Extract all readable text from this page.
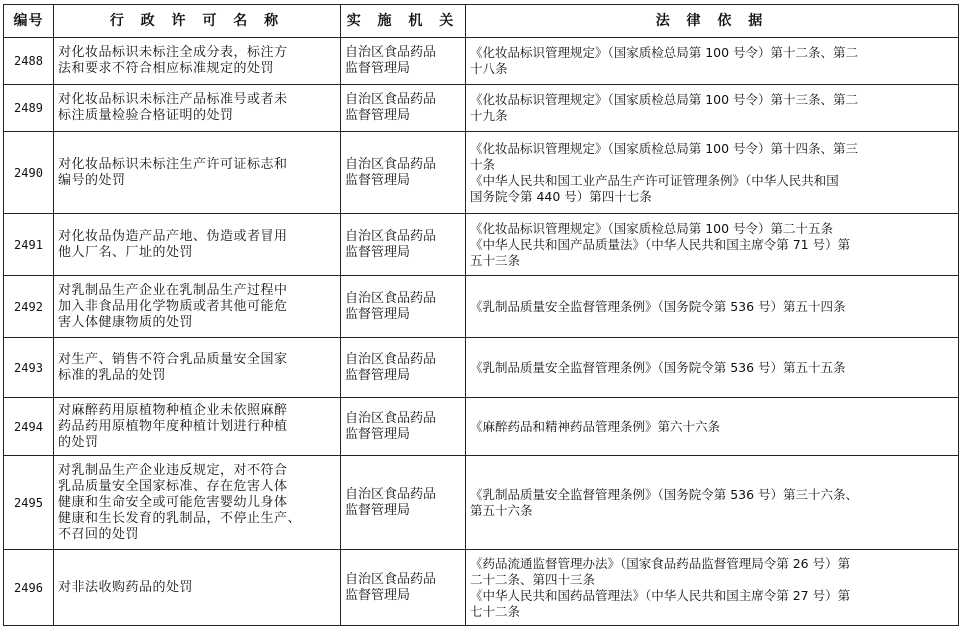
编号	行 政 许 可 名 称	实 施 机 关	法 律 依 据
2488	对化妆品标识未标注全成分表，标注方
法和要求不符合相应标准规定的处罚	自治区食品药品
监督管理局	《化妆品标识管理规定》（国家质检总局第 100 号令）第十二条、第二
十八条

2489	对化妆品标识未标注产品标准号或者未
标注质量检验合格证明的处罚	自治区食品药品
监督管理局	《化妆品标识管理规定》（国家质检总局第 100 号令）第十三条、第二
十九条

2490	对化妆品标识未标注生产许可证标志和
编号的处罚	自治区食品药品
监督管理局	《化妆品标识管理规定》（国家质检总局第 100 号令）第十四条、第三
十条
《中华人民共和国工业产品生产许可证管理条例》（中华人民共和国
国务院令第 440 号）第四十七条

2491	对化妆品伪造产品产地、伪造或者冒用
他人厂名、厂址的处罚	自治区食品药品
监督管理局	《化妆品标识管理规定》（国家质检总局第 100 号令）第二十五条
《中华人民共和国产品质量法》（中华人民共和国主席令第 71 号）第
五十三条

2492	对乳制品生产企业在乳制品生产过程中
加入非食品用化学物质或者其他可能危
害人体健康物质的处罚	自治区食品药品
监督管理局	《乳制品质量安全监督管理条例》（国务院令第 536 号）第五十四条

2493	对生产、销售不符合乳品质量安全国家
标准的乳品的处罚	自治区食品药品
监督管理局	《乳制品质量安全监督管理条例》（国务院令第 536 号）第五十五条

2494	对麻醉药用原植物种植企业未依照麻醉
药品药用原植物年度种植计划进行种植
的处罚	自治区食品药品
监督管理局	《麻醉药品和精神药品管理条例》第六十六条

2495	对乳制品生产企业违反规定，对不符合
乳品质量安全国家标准、存在危害人体
健康和生命安全或可能危害婴幼儿身体
健康和生长发育的乳制品，不停止生产、
不召回的处罚	自治区食品药品
监督管理局	《乳制品质量安全监督管理条例》（国务院令第 536 号）第三十六条、
第五十六条

2496	对非法收购药品的处罚	自治区食品药品
监督管理局	《药品流通监督管理办法》（国家食品药品监督管理局令第 26 号）第
二十二条、第四十三条
《中华人民共和国药品管理法》（中华人民共和国主席令第 27 号）第
七十二条
